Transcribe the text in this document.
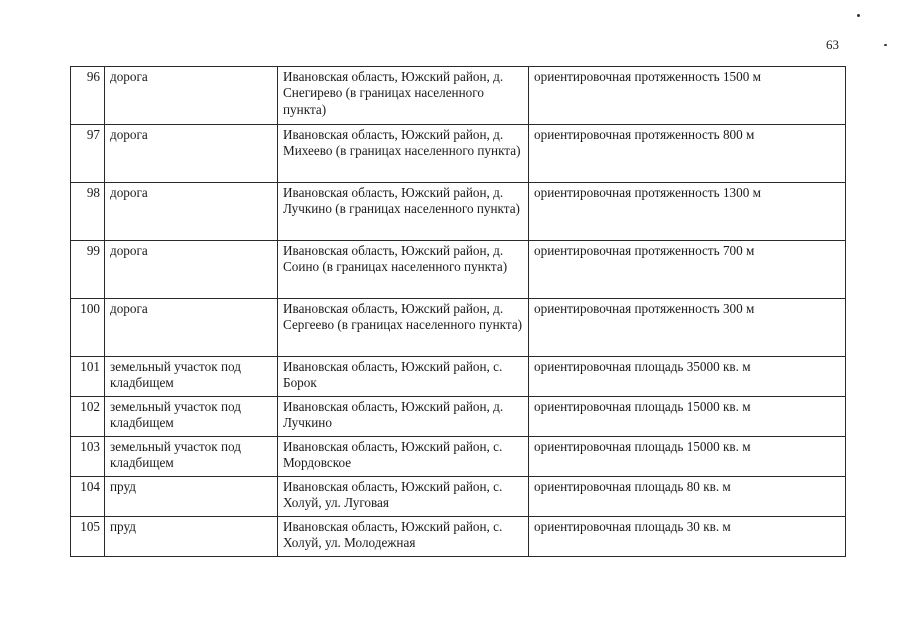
63
96	дорога	Ивановская область, Южский район, д. Снегирево (в границах населенного пункта)	ориентировочная протяженность 1500 м
97	дорога	Ивановская область, Южский район, д. Михеево (в границах населенного пункта)	ориентировочная протяженность 800 м
98	дорога	Ивановская область, Южский район, д. Лучкино (в границах населенного пункта)	ориентировочная протяженность 1300 м
99	дорога	Ивановская область, Южский район, д. Соино (в границах населенного пункта)	ориентировочная протяженность 700 м
100	дорога	Ивановская область, Южский район, д. Сергеево (в границах населенного пункта)	ориентировочная протяженность 300 м
101	земельный участок под кладбищем	Ивановская область, Южский район, с. Борок	ориентировочная площадь 35000 кв. м
102	земельный участок под кладбищем	Ивановская область, Южский район, д. Лучкино	ориентировочная площадь 15000 кв. м
103	земельный участок под кладбищем	Ивановская область, Южский район, с. Мордовское	ориентировочная площадь 15000 кв. м
104	пруд	Ивановская область, Южский район, с. Холуй, ул. Луговая	ориентировочная площадь 80 кв. м
105	пруд	Ивановская область, Южский район, с. Холуй, ул. Молодежная	ориентировочная площадь 30 кв. м
